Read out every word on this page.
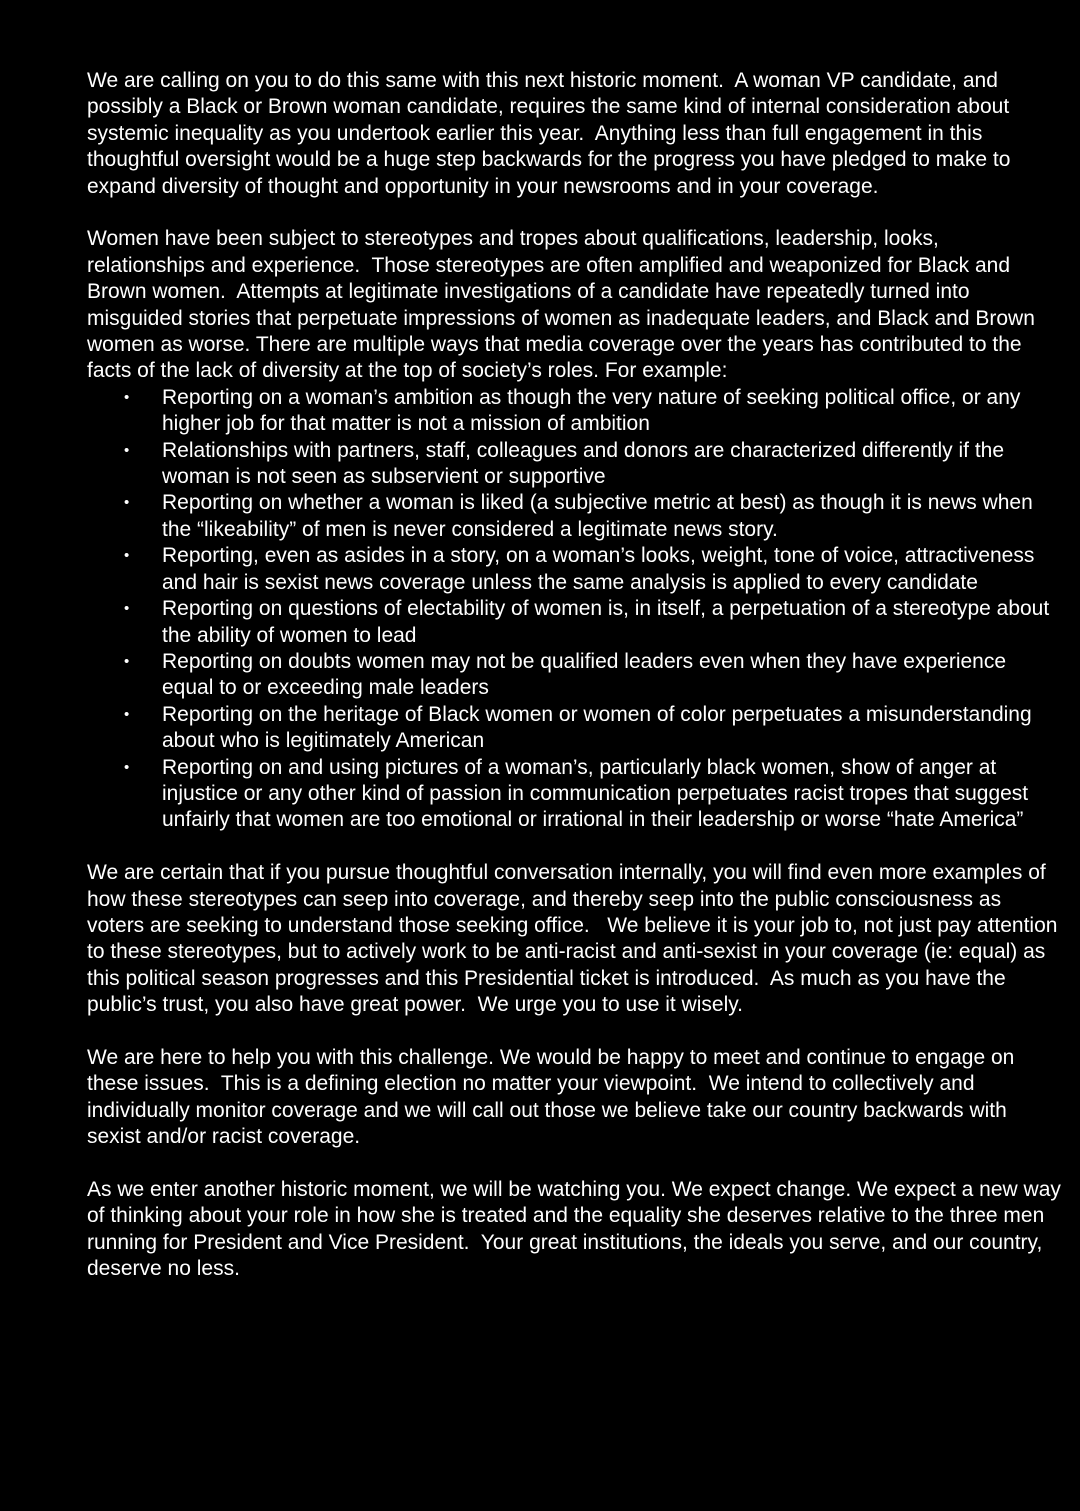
We are calling on you to do this same with this next historic moment.  A woman VP candidate, and possibly a Black or Brown woman candidate, requires the same kind of internal consideration about systemic inequality as you undertook earlier this year.  Anything less than full engagement in this thoughtful oversight would be a huge step backwards for the progress you have pledged to make to expand diversity of thought and opportunity in your newsrooms and in your coverage.

Women have been subject to stereotypes and tropes about qualifications, leadership, looks, relationships and experience.  Those stereotypes are often amplified and weaponized for Black and Brown women.  Attempts at legitimate investigations of a candidate have repeatedly turned into misguided stories that perpetuate impressions of women as inadequate leaders, and Black and Brown women as worse. There are multiple ways that media coverage over the years has contributed to the facts of the lack of diversity at the top of society’s roles. For example:

• Reporting on a woman’s ambition as though the very nature of seeking political office, or any higher job for that matter is not a mission of ambition
• Relationships with partners, staff, colleagues and donors are characterized differently if the woman is not seen as subservient or supportive
• Reporting on whether a woman is liked (a subjective metric at best) as though it is news when the “likeability” of men is never considered a legitimate news story.
• Reporting, even as asides in a story, on a woman’s looks, weight, tone of voice, attractiveness and hair is sexist news coverage unless the same analysis is applied to every candidate
• Reporting on questions of electability of women is, in itself, a perpetuation of a stereotype about the ability of women to lead
• Reporting on doubts women may not be qualified leaders even when they have experience equal to or exceeding male leaders
• Reporting on the heritage of Black women or women of color perpetuates a misunderstanding about who is legitimately American
• Reporting on and using pictures of a woman’s, particularly black women, show of anger at injustice or any other kind of passion in communication perpetuates racist tropes that suggest unfairly that women are too emotional or irrational in their leadership or worse “hate America”

We are certain that if you pursue thoughtful conversation internally, you will find even more examples of how these stereotypes can seep into coverage, and thereby seep into the public consciousness as voters are seeking to understand those seeking office.   We believe it is your job to, not just pay attention to these stereotypes, but to actively work to be anti-racist and anti-sexist in your coverage (ie: equal) as this political season progresses and this Presidential ticket is introduced.  As much as you have the public’s trust, you also have great power.  We urge you to use it wisely.

We are here to help you with this challenge. We would be happy to meet and continue to engage on these issues.  This is a defining election no matter your viewpoint.  We intend to collectively and individually monitor coverage and we will call out those we believe take our country backwards with sexist and/or racist coverage.

As we enter another historic moment, we will be watching you. We expect change. We expect a new way of thinking about your role in how she is treated and the equality she deserves relative to the three men running for President and Vice President.  Your great institutions, the ideals you serve, and our country, deserve no less.
